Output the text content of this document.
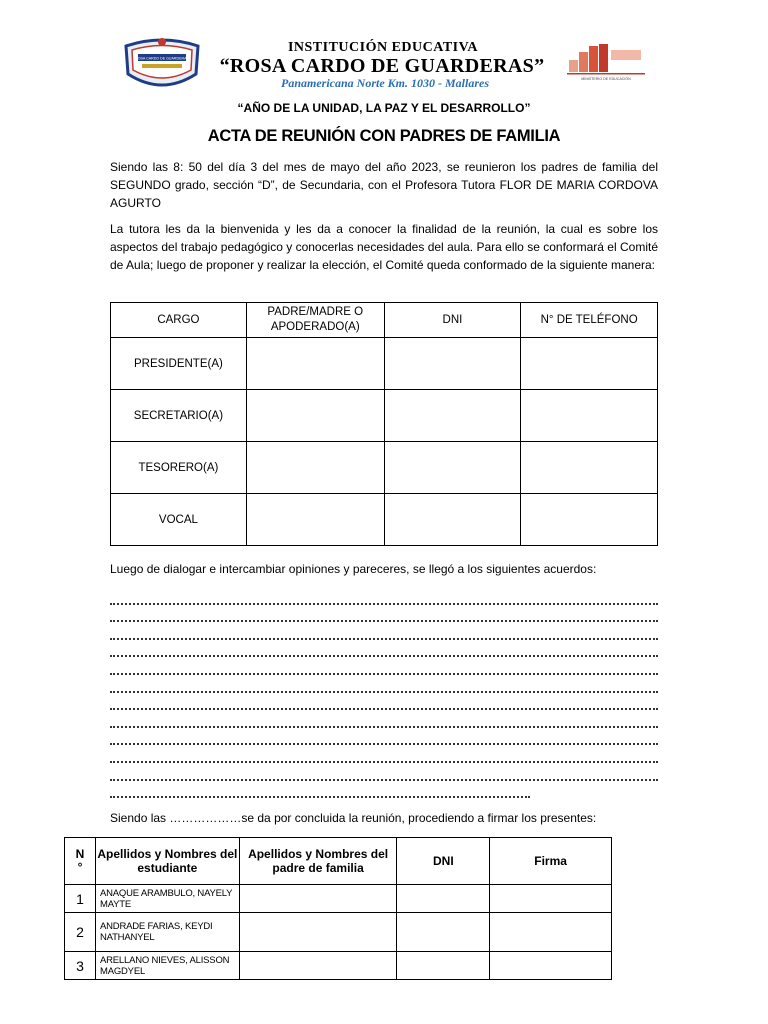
ROSA CARDO DE GUARDERAS
INSTITUCIÓN EDUCATIVA
“ROSA CARDO DE GUARDERAS”
Panamericana Norte Km. 1030 - Mallares	MINISTERIO DE EDUCACIÓN
“AÑO DE LA UNIDAD, LA PAZ Y EL DESARROLLO”
ACTA DE REUNIÓN CON PADRES DE FAMILIA
Siendo las 8: 50 del día 3 del mes de mayo del año 2023, se reunieron los padres de familia del SEGUNDO grado, sección “D”, de Secundaria, con el Profesora Tutora FLOR DE MARIA CORDOVA AGURTO
La tutora les da la bienvenida y les da a conocer la finalidad de la reunión, la cual es sobre los aspectos del trabajo pedagógico y conocerlas necesidades del aula. Para ello se conformará el Comité de Aula; luego de proponer y realizar la elección, el Comité queda conformado de la siguiente manera:
CARGO	PADRE/MADRE O APODERADO(A)	DNI	N° DE TELÉFONO
PRESIDENTE(A)			
SECRETARIO(A)			
TESORERO(A)			
VOCAL			
Luego de dialogar e intercambiar opiniones y pareceres, se llegó a los siguientes acuerdos:
Siendo las ………………se da por concluida la reunión, procediendo a firmar los presentes:
N °	Apellidos y Nombres del estudiante	Apellidos y Nombres del padre de familia	DNI	Firma
1	ANAQUE ARAMBULO, NAYELY MAYTE			
2	ANDRADE FARIAS, KEYDI NATHANYEL			
3	ARELLANO NIEVES, ALISSON MAGDYEL			
